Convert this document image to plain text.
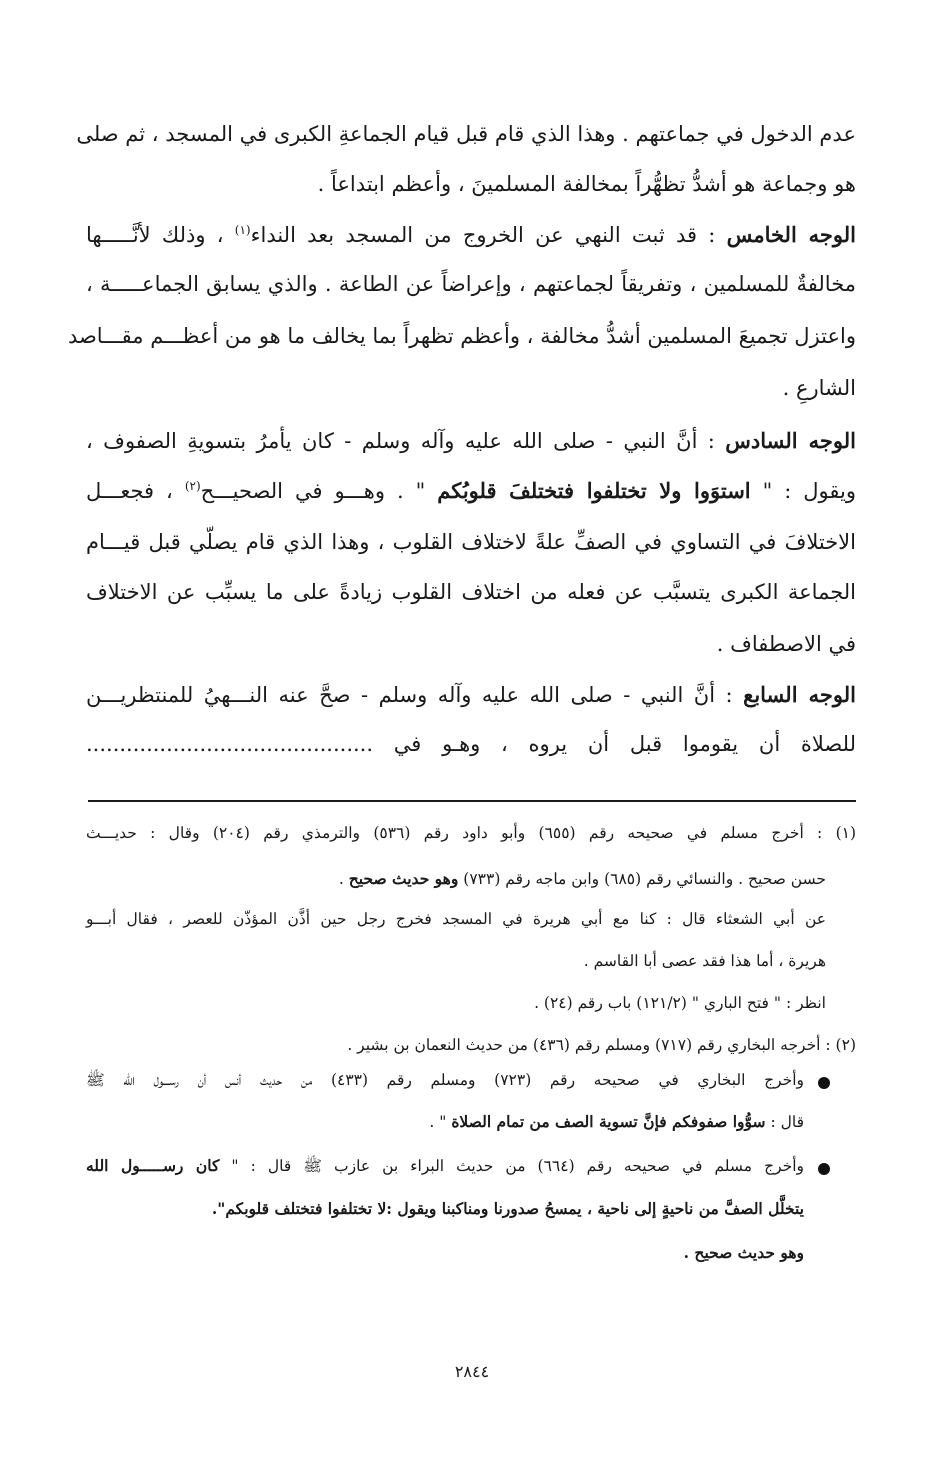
عدم الدخول في جماعتهم . وهذا الذي قام قبل قيام الجماعةِ الكبرى في المسجد ، ثم صلى
هو وجماعة هو أشدُّ تظهُّراً بمخالفة المسلمينَ ، وأعظم ابتداعاً .
الوجه الخامس : قد ثبت النهي عن الخروج من المسجد بعد النداء$^{(١)}$ ، وذلك لأنَّـــــها
مخالفةٌ للمسلمين ، وتفريقاً لجماعتهم ، وإعراضاً عن الطاعة . والذي يسابق الجماعـــــة ،
واعتزل تجميعَ المسلمين أشدُّ مخالفة ، وأعظم تظهراً بما يخالف ما هو من أعظـــم مقـــاصد
الشارعِ .
الوجه السادس : أنَّ النبي - صلى الله عليه وآله وسلم - كان يأمرُ بتسويةِ الصفوف ،
ويقول : " استوَوا ولا تختلفوا فتختلفَ قلوبُكم " . وهـــو في الصحيـــح$^{(٢)}$ ، فجعـــل
الاختلافَ في التساوي في الصفِّ علةً لاختلاف القلوب ، وهذا الذي قام يصلّي قبل قيـــام
الجماعة الكبرى يتسبَّب عن فعله من اختلاف القلوب زيادةً على ما يسبِّب عن الاختلاف
في الاصطفاف .
الوجه السابع : أنَّ النبي - صلى الله عليه وآله وسلم - صحَّ عنه النـــهيُ للمنتظريـــن
للصلاة أن يقوموا قبل أن يروه ، وهـو في ...........................................
(١) : أخرج مسلم في صحيحه رقم (٦٥٥) وأبو داود رقم (٥٣٦) والترمذي رقم (٢٠٤) وقال : حديـــث
حسن صحيح . والنسائي رقم (٦٨٥) وابن ماجه رقم (٧٣٣) وهو حديث صحيح .
عن أبي الشعثاء قال : كنا مع أبي هريرة في المسجد فخرج رجل حين أذَّن المؤذّن للعصر ، فقال أبـــو
هريرة ، أما هذا فقد عصى أبا القاسم .
انظر : " فتح الباري " (١٢١/٢) باب رقم (٢٤) .
(٢) : أخرجه البخاري رقم (٧١٧) ومسلم رقم (٤٣٦) من حديث النعمان بن بشير .
وأخرج البخاري في صحيحه رقم (٧٢٣) ومسلم رقم (٤٣٣) من حديث أنس أن رســـول الله ﷺ
قال : سوُّوا صفوفكم فإنَّ تسوية الصف من تمام الصلاة " .
وأخرج مسلم في صحيحه رقم (٦٦٤) من حديث البراء بن عازب ﷺ قال : " كان رســـــول الله
يتخلَّل الصفَّ من ناحيةٍ إلى ناحية ، يمسحُ صدورنا ومناكبنا ويقول :لا تختلفوا فتختلف قلوبكم".
وهو حديث صحيح .
٢٨٤٤
